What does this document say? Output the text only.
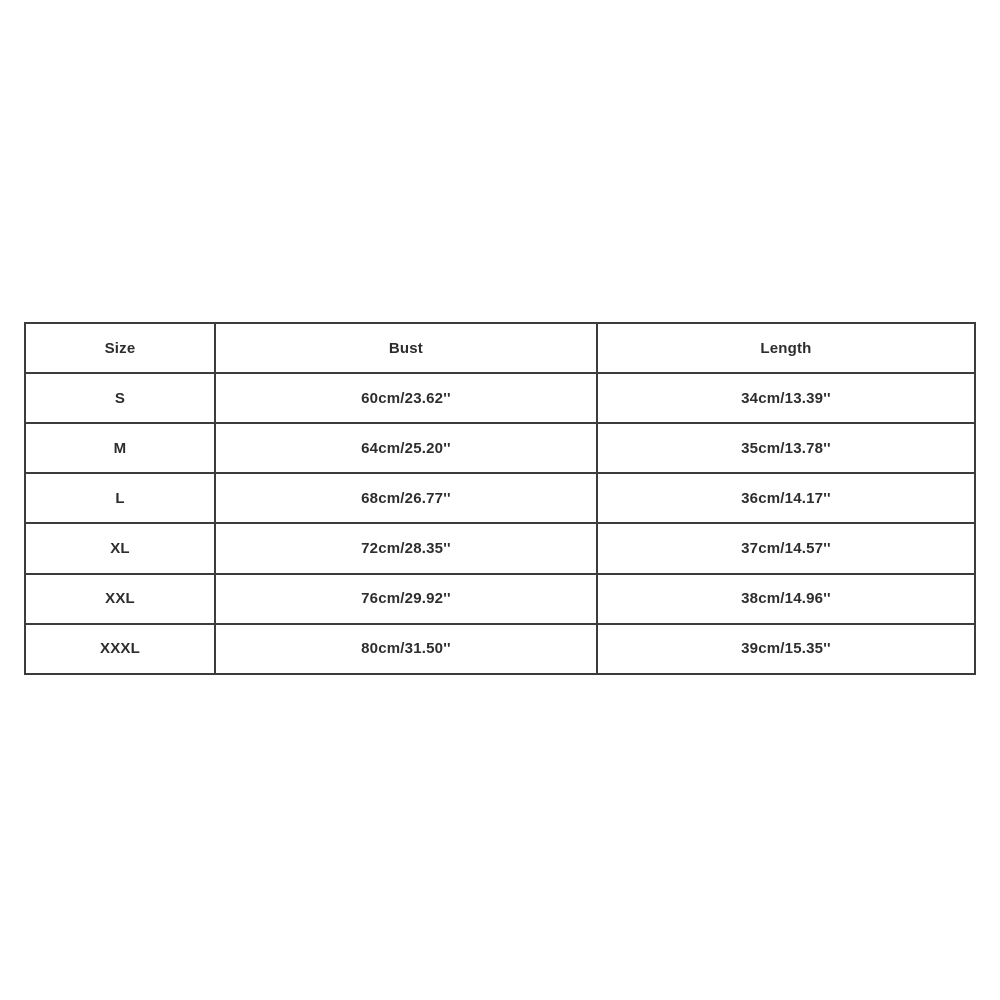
Size	Bust	Length
S	60cm/23.62''	34cm/13.39''
M	64cm/25.20''	35cm/13.78''
L	68cm/26.77''	36cm/14.17''
XL	72cm/28.35''	37cm/14.57''
XXL	76cm/29.92''	38cm/14.96''
XXXL	80cm/31.50''	39cm/15.35''
